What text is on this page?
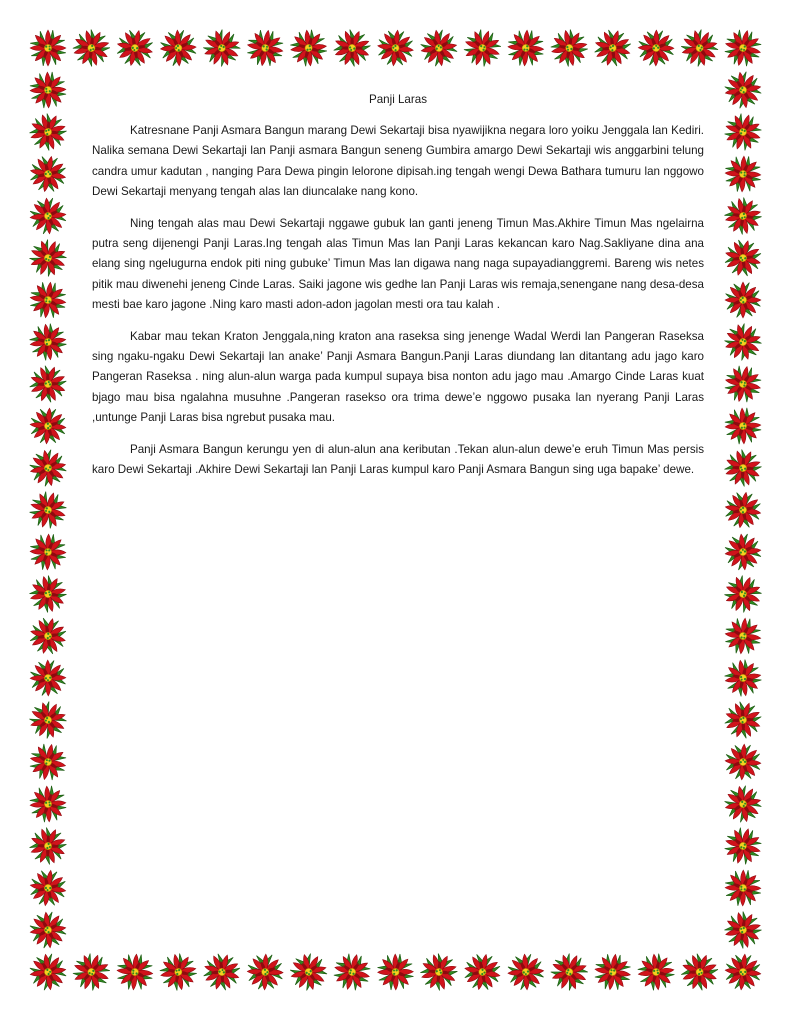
Panji Laras

Katresnane Panji Asmara Bangun marang Dewi Sekartaji bisa nyawijikna negara loro yoiku Jenggala lan Kediri. Nalika semana Dewi Sekartaji lan Panji asmara Bangun seneng Gumbira amargo Dewi Sekartaji wis anggarbini telung candra umur kadutan , nanging Para Dewa pingin lelorone dipisah.ing tengah wengi Dewa Bathara tumuru lan nggowo Dewi Sekartaji menyang tengah alas lan diuncalake nang kono.

Ning tengah alas mau Dewi Sekartaji nggawe gubuk lan ganti jeneng Timun Mas.Akhire Timun Mas ngelairna putra seng dijenengi Panji Laras.Ing tengah alas Timun Mas lan Panji Laras kekancan karo Nag.Sakliyane dina ana elang sing ngelugurna endok piti ning gubuke’ Timun Mas lan digawa nang naga supayadianggremi. Bareng wis netes pitik mau diwenehi jeneng Cinde Laras. Saiki jagone wis gedhe lan Panji Laras wis remaja,senengane nang desa-desa mesti bae karo jagone .Ning karo masti adon-adon jagolan mesti ora tau kalah .

Kabar mau tekan Kraton Jenggala,ning kraton ana raseksa sing jenenge Wadal Werdi lan Pangeran Raseksa sing ngaku-ngaku Dewi Sekartaji lan anake’ Panji Asmara Bangun.Panji Laras diundang lan ditantang adu jago karo Pangeran Raseksa . ning alun-alun warga pada kumpul supaya bisa nonton adu jago mau .Amargo Cinde Laras kuat bjago mau bisa ngalahna musuhne .Pangeran rasekso ora trima dewe’e nggowo pusaka lan nyerang Panji Laras ,untunge Panji Laras bisa ngrebut pusaka mau.

Panji Asmara Bangun kerungu yen di alun-alun ana keributan .Tekan alun-alun dewe’e eruh Timun Mas persis karo Dewi Sekartaji .Akhire Dewi Sekartaji lan Panji Laras kumpul karo Panji Asmara Bangun sing uga bapake’ dewe.
